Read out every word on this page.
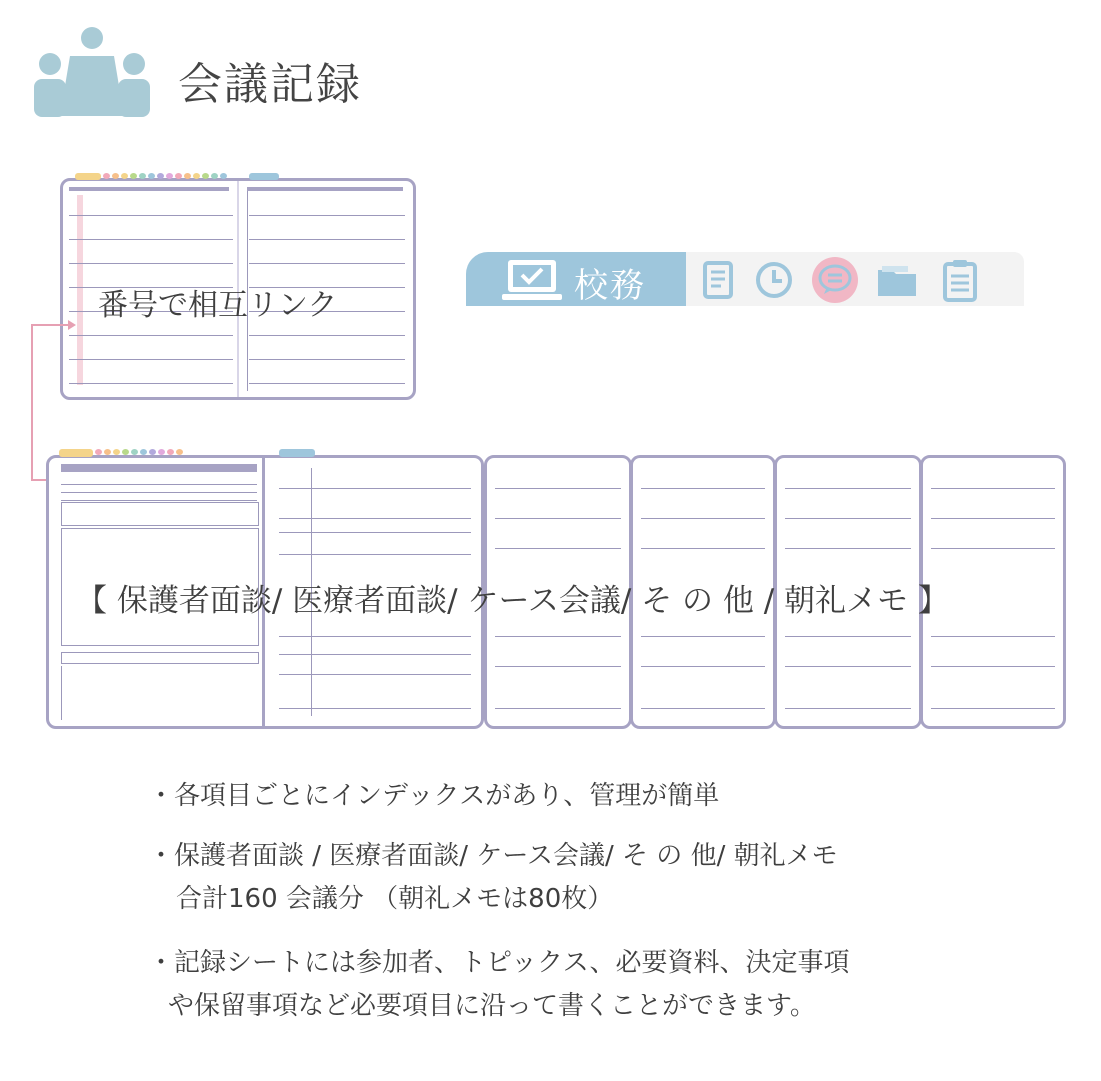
会議記録
番号で相互リンク	校務
【 保護者面談/ 医療者面談/ ケース会議/ そ の 他 / 朝礼メモ 】
・各項目ごとにインデックスがあり、管理が簡単
・保護者面談 / 医療者面談/ ケース会議/ そ の 他/ 朝礼メモ
合計160 会議分 （朝礼メモは80枚）
・記録シートには参加者、トピックス、必要資料、決定事項
や保留事項など必要項目に沿って書くことができます。
